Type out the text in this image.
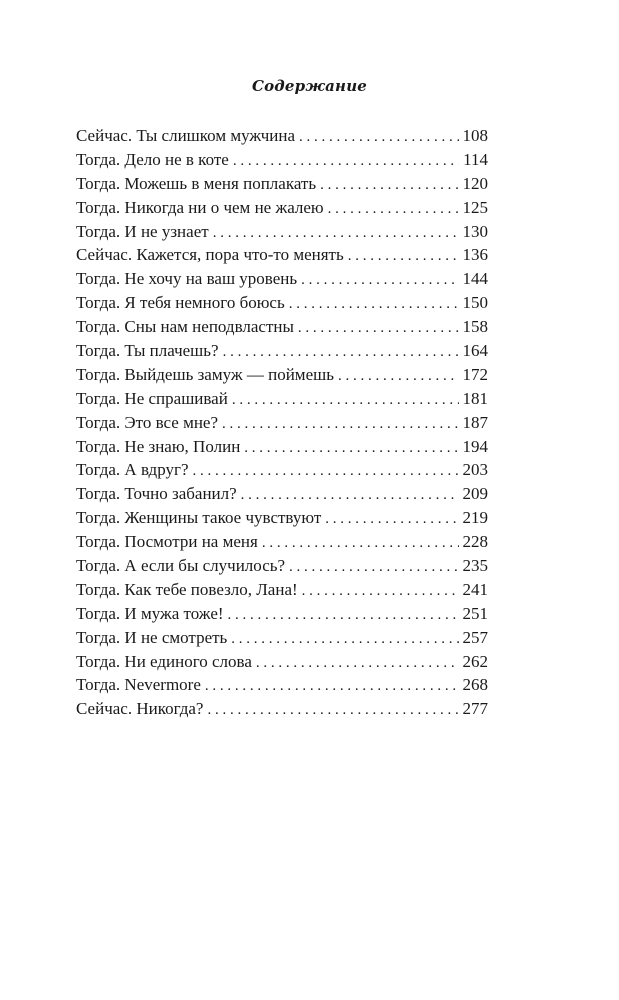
Содержание
Сейчас. Ты слишком мужчина . . .	108
Тогда. Дело не в коте . . .	114
Тогда. Можешь в меня поплакать . . .	120
Тогда. Никогда ни о чем не жалею . . .	125
Тогда. И не узнает . . .	130
Сейчас. Кажется, пора что-то менять . . .	136
Тогда. Не хочу на ваш уровень . . .	144
Тогда. Я тебя немного боюсь . . .	150
Тогда. Сны нам неподвластны . . .	158
Тогда. Ты плачешь? . . .	164
Тогда. Выйдешь замуж — поймешь . . .	172
Тогда. Не спрашивай . . .	181
Тогда. Это все мне? . . .	187
Тогда. Не знаю, Полин . . .	194
Тогда. А вдруг? . . .	203
Тогда. Точно забанил? . . .	209
Тогда. Женщины такое чувствуют . . .	219
Тогда. Посмотри на меня . . .	228
Тогда. А если бы случилось? . . .	235
Тогда. Как тебе повезло, Лана! . . .	241
Тогда. И мужа тоже! . . .	251
Тогда. И не смотреть . . .	257
Тогда. Ни единого слова . . .	262
Тогда. Nevermore . . .	268
Сейчас. Никогда? . . .	277
